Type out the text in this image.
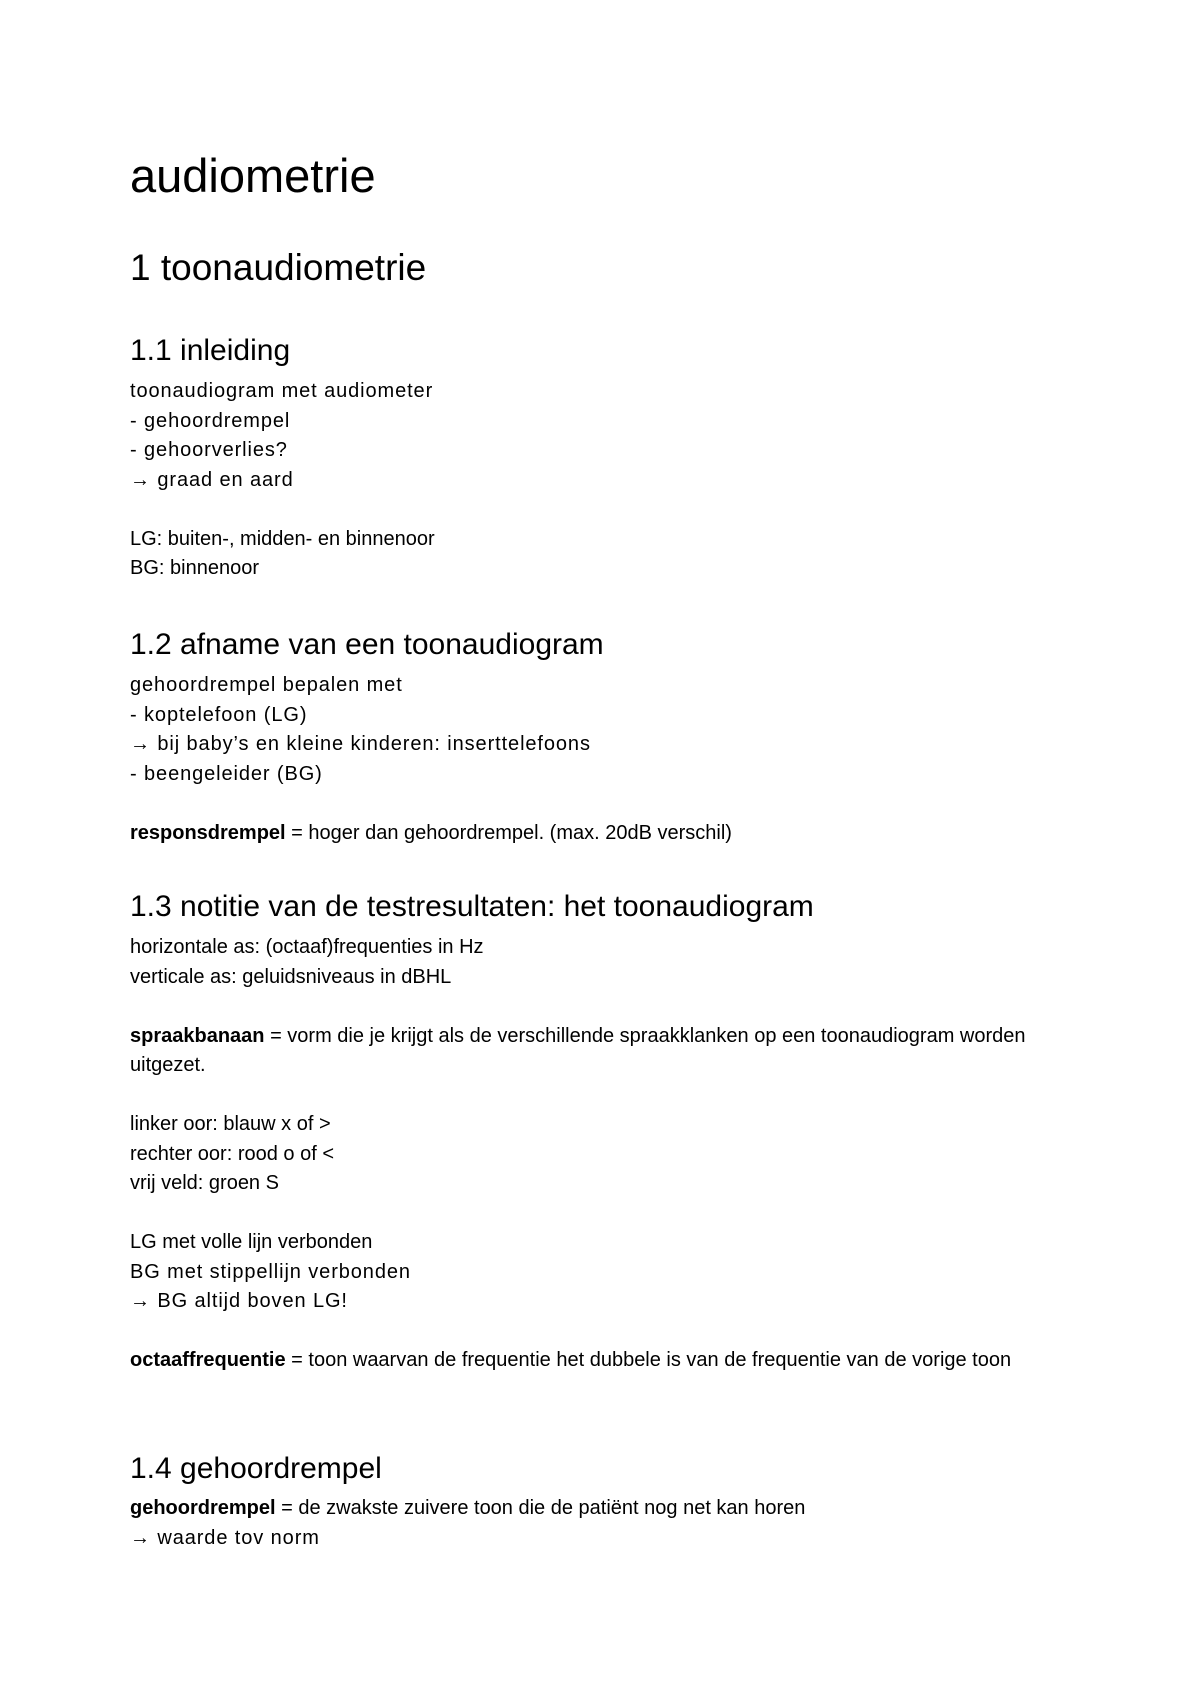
audiometrie
1 toonaudiometrie
1.1 inleiding
toonaudiogram met audiometer
- gehoordrempel
- gehoorverlies?
→ graad en aard
LG: buiten-, midden- en binnenoor
BG: binnenoor
1.2 afname van een toonaudiogram
gehoordrempel bepalen met
- koptelefoon (LG)
→ bij baby’s en kleine kinderen: inserttelefoons
- beengeleider (BG)
responsdrempel = hoger dan gehoordrempel. (max. 20dB verschil)
1.3 notitie van de testresultaten: het toonaudiogram
horizontale as: (octaaf)frequenties in Hz
verticale as: geluidsniveaus in dBHL
spraakbanaan = vorm die je krijgt als de verschillende spraakklanken op een toonaudiogram worden uitgezet.
linker oor: blauw x of >
rechter oor: rood o of <
vrij veld: groen S
LG met volle lijn verbonden
BG met stippellijn verbonden
→ BG altijd boven LG!
octaaffrequentie = toon waarvan de frequentie het dubbele is van de frequentie van de vorige toon
1.4 gehoordrempel
gehoordrempel = de zwakste zuivere toon die de patiënt nog net kan horen
→ waarde tov norm
